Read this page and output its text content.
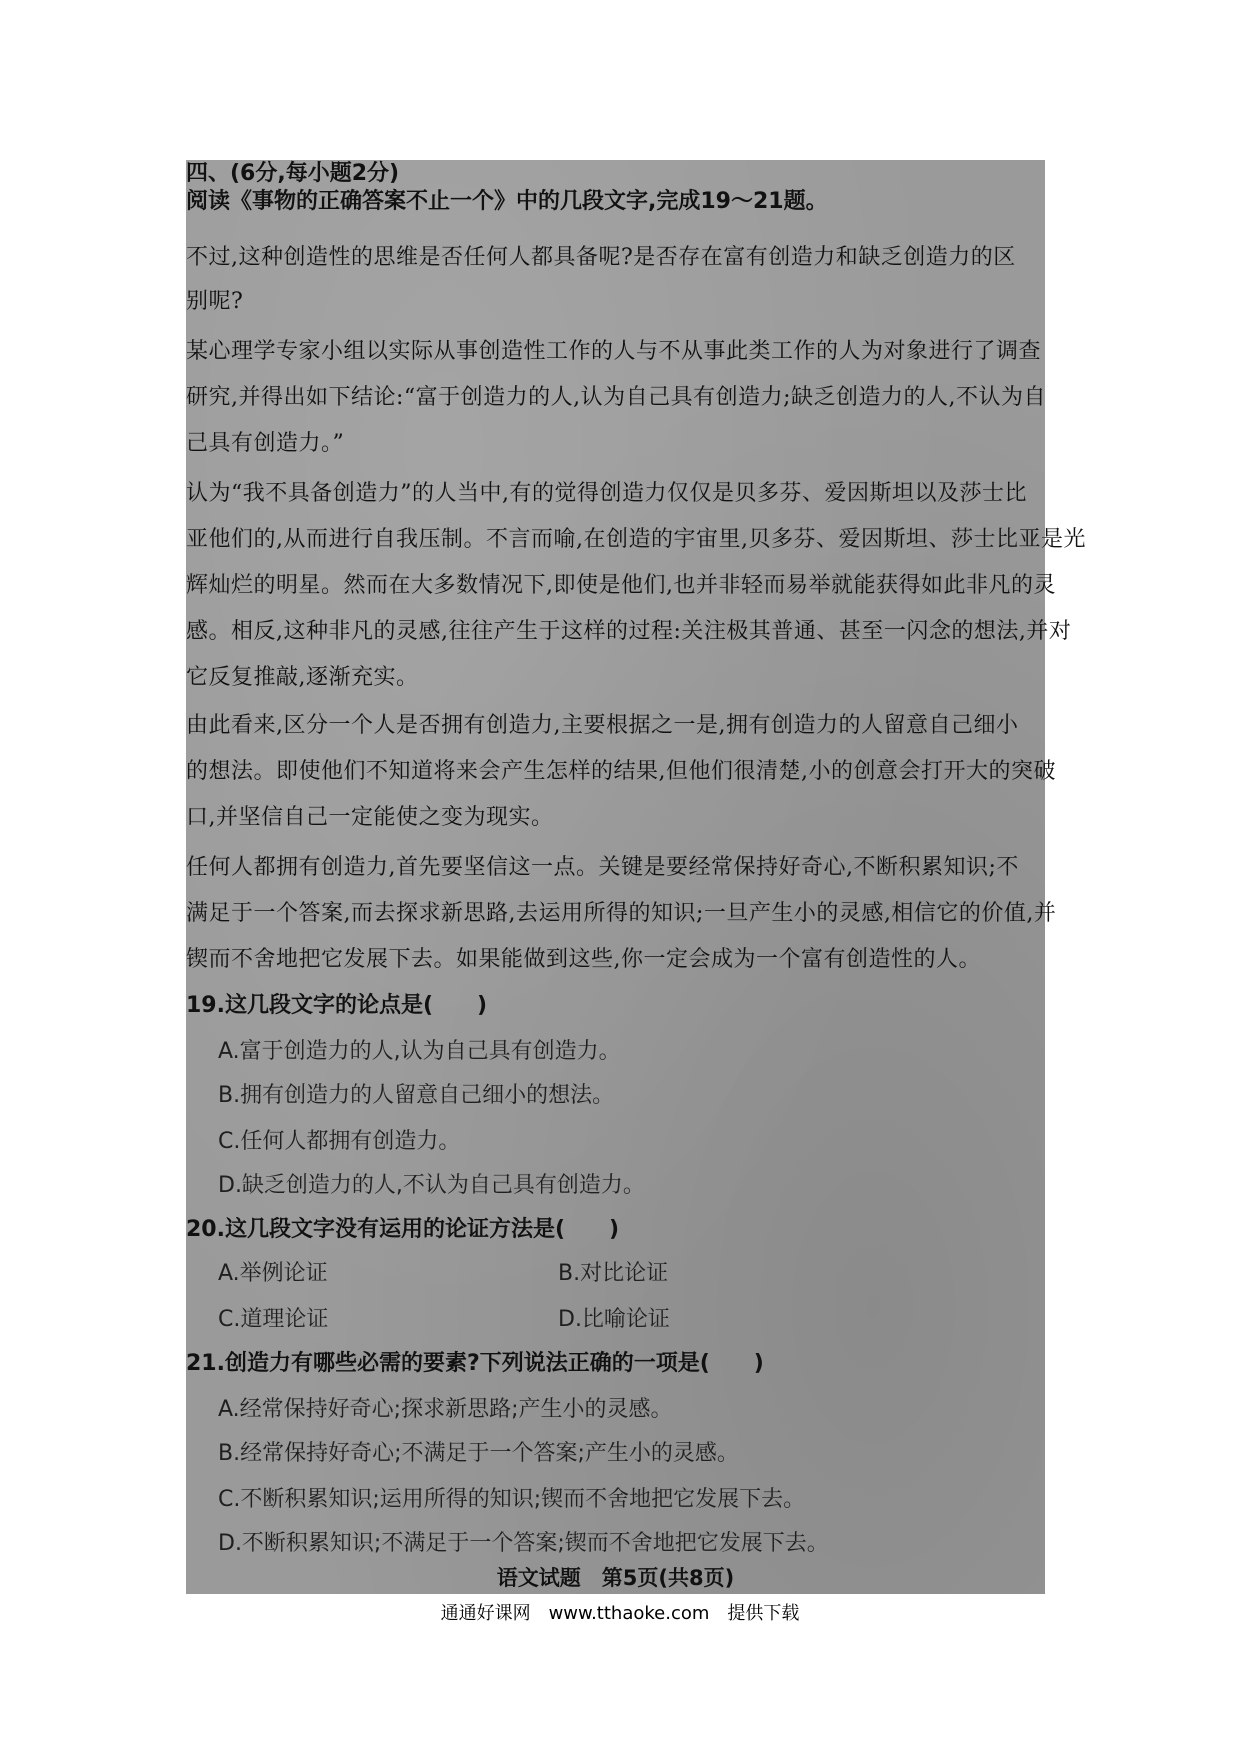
四、(6分,每小题2分)
阅读《事物的正确答案不止一个》中的几段文字,完成19～21题。
不过,这种创造性的思维是否任何人都具备呢?是否存在富有创造力和缺乏创造力的区
别呢?
某心理学专家小组以实际从事创造性工作的人与不从事此类工作的人为对象进行了调查
研究,并得出如下结论:“富于创造力的人,认为自己具有创造力;缺乏创造力的人,不认为自
己具有创造力。”
认为“我不具备创造力”的人当中,有的觉得创造力仅仅是贝多芬、爱因斯坦以及莎士比
亚他们的,从而进行自我压制。不言而喻,在创造的宇宙里,贝多芬、爱因斯坦、莎士比亚是光
辉灿烂的明星。然而在大多数情况下,即使是他们,也并非轻而易举就能获得如此非凡的灵
感。相反,这种非凡的灵感,往往产生于这样的过程:关注极其普通、甚至一闪念的想法,并对
它反复推敲,逐渐充实。
由此看来,区分一个人是否拥有创造力,主要根据之一是,拥有创造力的人留意自己细小
的想法。即使他们不知道将来会产生怎样的结果,但他们很清楚,小的创意会打开大的突破
口,并坚信自己一定能使之变为现实。
任何人都拥有创造力,首先要坚信这一点。关键是要经常保持好奇心,不断积累知识;不
满足于一个答案,而去探求新思路,去运用所得的知识;一旦产生小的灵感,相信它的价值,并
锲而不舍地把它发展下去。如果能做到这些,你一定会成为一个富有创造性的人。
19.这几段文字的论点是(　　)
A.富于创造力的人,认为自己具有创造力。
B.拥有创造力的人留意自己细小的想法。
C.任何人都拥有创造力。
D.缺乏创造力的人,不认为自己具有创造力。
20.这几段文字没有运用的论证方法是(　　)
A.举例论证	B.对比论证
C.道理论证	D.比喻论证
21.创造力有哪些必需的要素?下列说法正确的一项是(　　)
A.经常保持好奇心;探求新思路;产生小的灵感。
B.经常保持好奇心;不满足于一个答案;产生小的灵感。
C.不断积累知识;运用所得的知识;锲而不舍地把它发展下去。
D.不断积累知识;不满足于一个答案;锲而不舍地把它发展下去。
语文试题　第5页(共8页)
通通好课网　www.tthaoke.com　提供下载
